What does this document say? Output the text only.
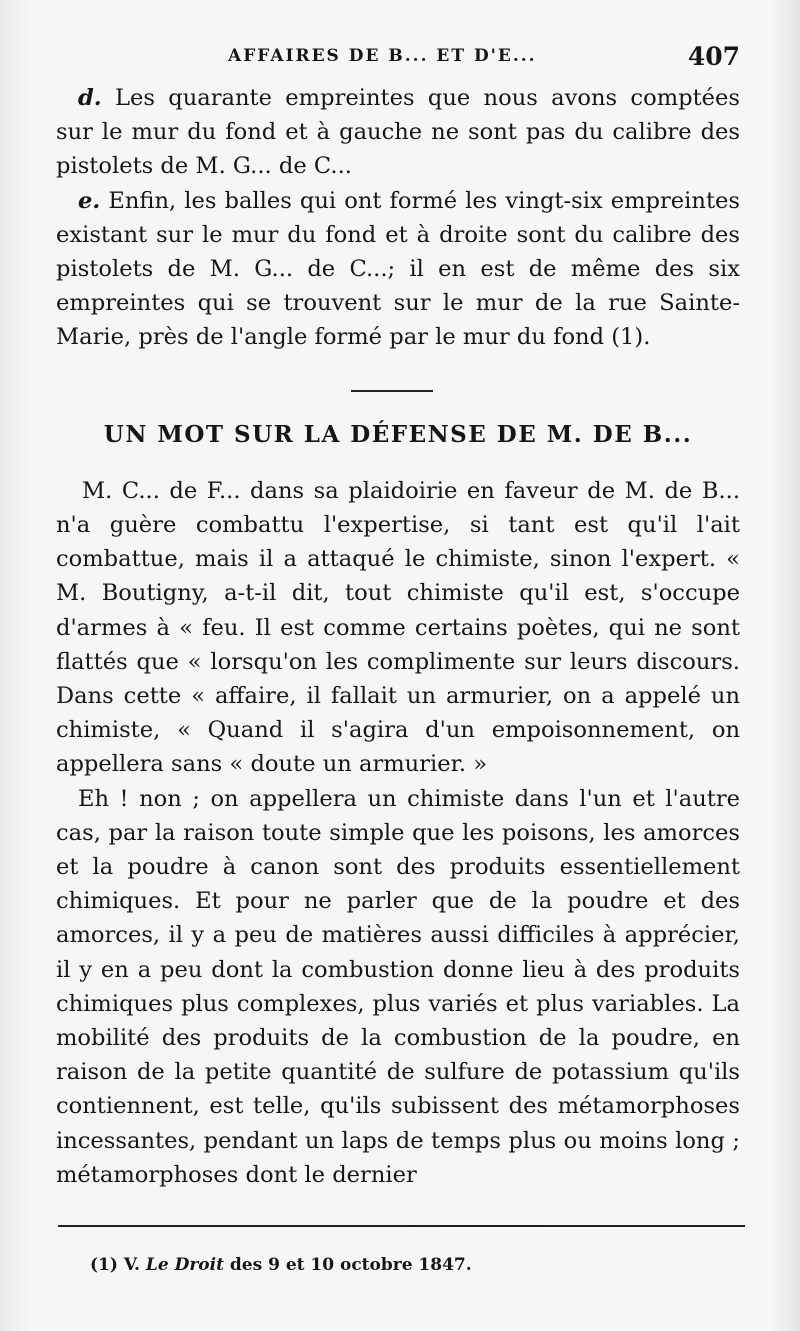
AFFAIRES DE B... ET D'E...	407

d. Les quarante empreintes que nous avons comptées sur le mur du fond et à gauche ne sont pas du calibre des pistolets de M. G... de C...

e. Enfin, les balles qui ont formé les vingt-six empreintes existant sur le mur du fond et à droite sont du calibre des pistolets de M. G... de C...; il en est de même des six empreintes qui se trouvent sur le mur de la rue Sainte-Marie, près de l'angle formé par le mur du fond (1).

UN MOT SUR LA DÉFENSE DE M. DE B...

M. C... de F... dans sa plaidoirie en faveur de M. de B... n'a guère combattu l'expertise, si tant est qu'il l'ait combattue, mais il a attaqué le chimiste, sinon l'expert. « M. Boutigny, a-t-il dit, tout chimiste qu'il est, s'occupe d'armes à « feu. Il est comme certains poètes, qui ne sont flattés que « lorsqu'on les complimente sur leurs discours. Dans cette « affaire, il fallait un armurier, on a appelé un chimiste, « Quand il s'agira d'un empoisonnement, on appellera sans « doute un armurier. »

Eh ! non ; on appellera un chimiste dans l'un et l'autre cas, par la raison toute simple que les poisons, les amorces et la poudre à canon sont des produits essentiellement chimiques. Et pour ne parler que de la poudre et des amorces, il y a peu de matières aussi difficiles à apprécier, il y en a peu dont la combustion donne lieu à des produits chimiques plus complexes, plus variés et plus variables. La mobilité des produits de la combustion de la poudre, en raison de la petite quantité de sulfure de potassium qu'ils contiennent, est telle, qu'ils subissent des métamorphoses incessantes, pendant un laps de temps plus ou moins long ; métamorphoses dont le dernier

(1) V. Le Droit des 9 et 10 octobre 1847.
